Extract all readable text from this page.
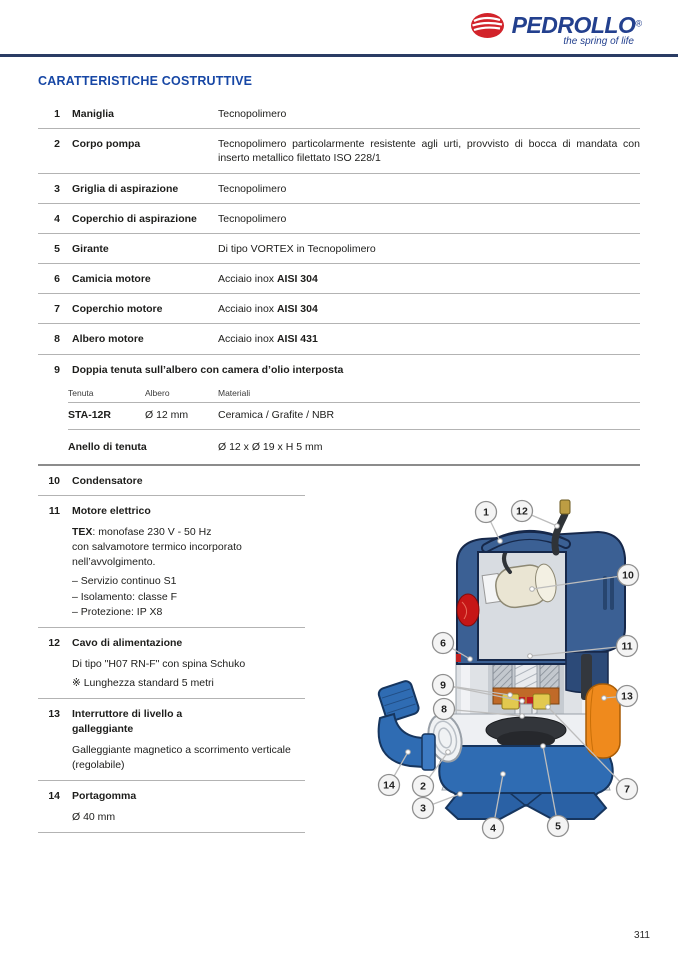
PEDROLLO®
the spring of life
CARATTERISTICHE COSTRUTTIVE
1 Maniglia	Tecnopolimero
2 Corpo pompa	Tecnopolimero particolarmente resistente agli urti, provvisto di bocca di mandata con inserto metallico filettato ISO 228/1
3 Griglia di aspirazione	Tecnopolimero
4 Coperchio di aspirazione	Tecnopolimero
5 Girante	Di tipo VORTEX in Tecnopolimero
6 Camicia motore	Acciaio inox AISI 304
7 Coperchio motore	Acciaio inox AISI 304
8 Albero motore	Acciaio inox AISI 431
9 Doppia tenuta sull’albero con camera d’olio interposta
Tenuta	Albero	Materiali
STA-12R	Ø 12 mm	Ceramica / Grafite / NBR
Anello di tenuta	Ø 12 x Ø 19 x H 5 mm
10 Condensatore
11 Motore elettrico
TEX: monofase 230 V - 50 Hz
con salvamotore termico incorporato
nell’avvolgimento.
– Servizio continuo S1
– Isolamento: classe F
– Protezione: IP X8
12 Cavo di alimentazione
Di tipo "H07 RN-F" con spina Schuko
※ Lunghezza standard 5 metri
13 Interruttore di livello a galleggiante
Galleggiante magnetico a scorrimento verticale
(regolabile)
14 Portagomma
Ø 40 mm
1	12
10
6	11
9
8
13
7
14 2
3
4	5
311
